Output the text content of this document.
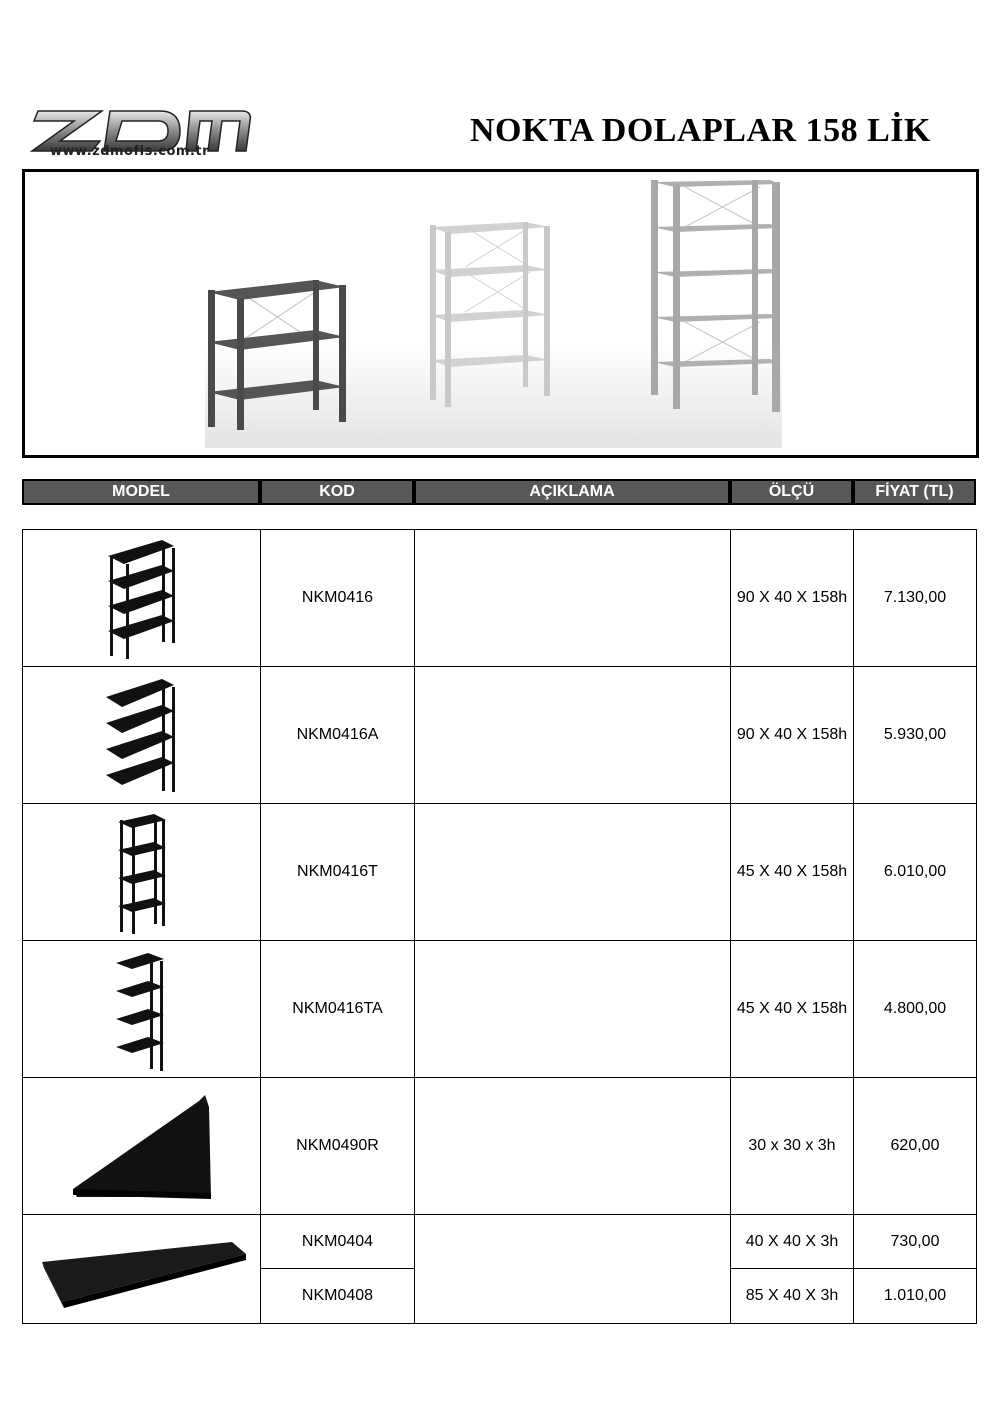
www.zdmofis.com.tr
NOKTA DOLAPLAR 158 LİK
MODEL	KOD	AÇIKLAMA	ÖLÇÜ	FİYAT (TL)
	NKM0416		90 X 40 X 158h	7.130,00

	NKM0416A		90 X 40 X 158h	5.930,00

	NKM0416T		45 X 40 X 158h	6.010,00

	NKM0416TA		45 X 40 X 158h	4.800,00

	NKM0490R		30 x 30 x 3h	620,00

	NKM0404		40 X 40 X 3h	730,00
	NKM0408		85 X 40 X 3h	1.010,00
